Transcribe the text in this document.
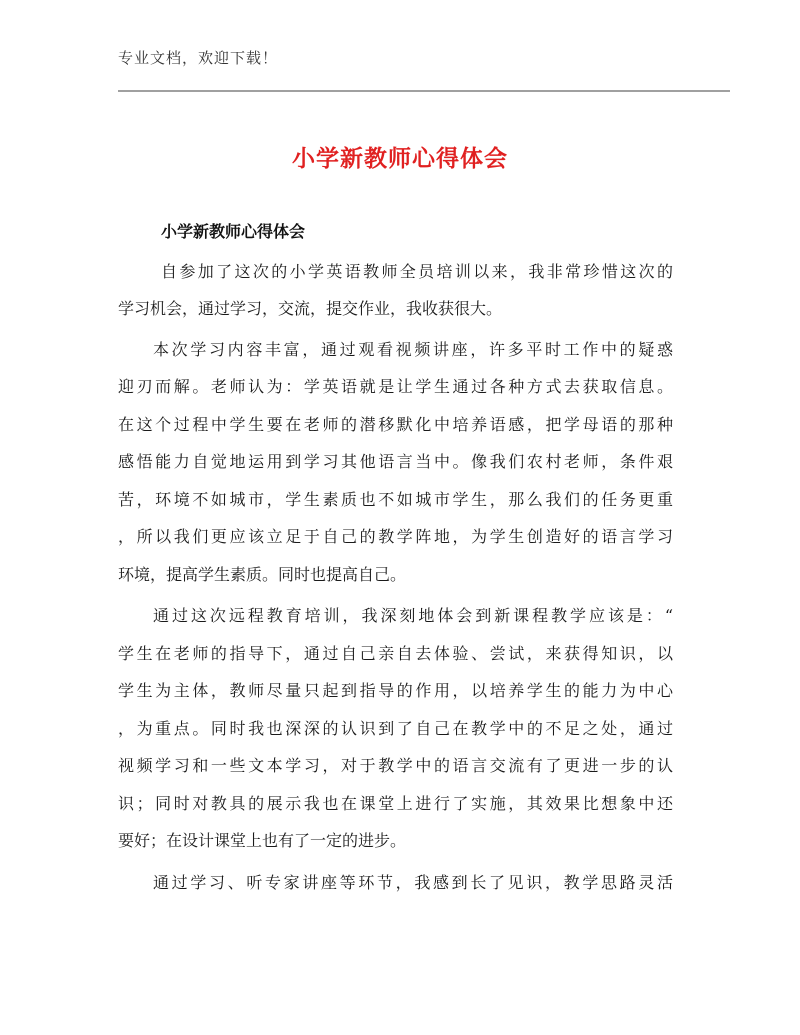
专业文档，欢迎下载！
小学新教师心得体会
小学新教师心得体会
自参加了这次的小学英语教师全员培训以来，我非常珍惜这次的
学习机会，通过学习，交流，提交作业，我收获很大。
本次学习内容丰富，通过观看视频讲座，许多平时工作中的疑惑
迎刃而解。老师认为：学英语就是让学生通过各种方式去获取信息。
在这个过程中学生要在老师的潜移默化中培养语感，把学母语的那种
感悟能力自觉地运用到学习其他语言当中。像我们农村老师，条件艰
苦，环境不如城市，学生素质也不如城市学生，那么我们的任务更重
，所以我们更应该立足于自己的教学阵地，为学生创造好的语言学习
环境，提高学生素质。同时也提高自己。
通过这次远程教育培训，我深刻地体会到新课程教学应该是：“
学生在老师的指导下，通过自己亲自去体验、尝试，来获得知识，以
学生为主体，教师尽量只起到指导的作用，以培养学生的能力为中心
，为重点。同时我也深深的认识到了自己在教学中的不足之处，通过
视频学习和一些文本学习，对于教学中的语言交流有了更进一步的认
识；同时对教具的展示我也在课堂上进行了实施，其效果比想象中还
要好；在设计课堂上也有了一定的进步。
通过学习、听专家讲座等环节，我感到长了见识，教学思路灵活
